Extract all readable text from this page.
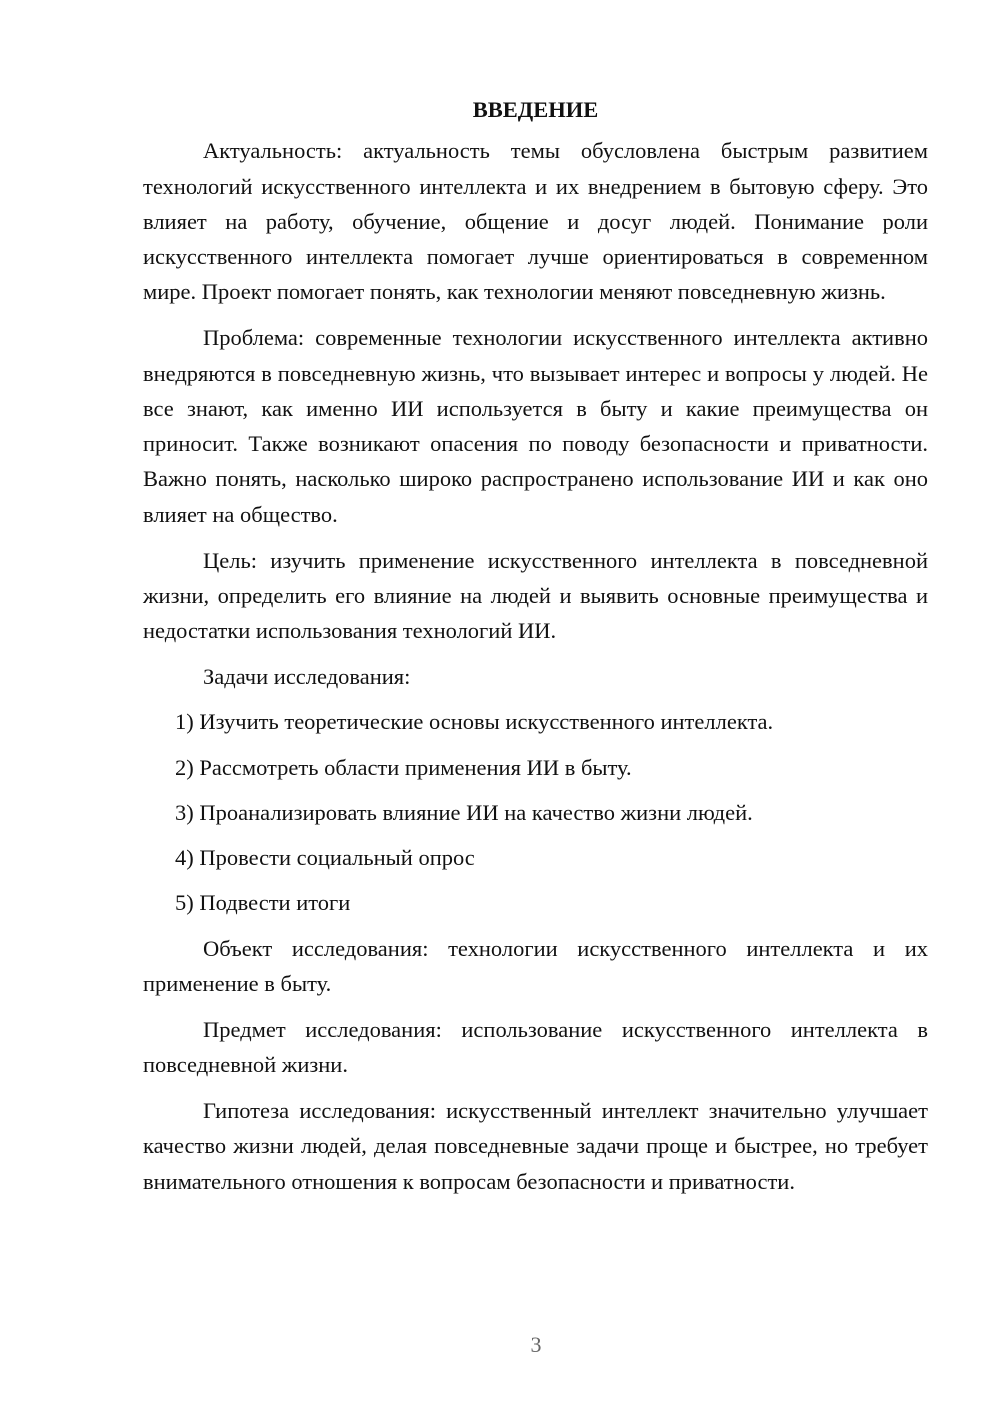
ВВЕДЕНИЕ

Актуальность: актуальность темы обусловлена быстрым развитием технологий искусственного интеллекта и их внедрением в бытовую сферу. Это влияет на работу, обучение, общение и досуг людей. Понимание роли искусственного интеллекта помогает лучше ориентироваться в современном мире. Проект помогает понять, как технологии меняют повседневную жизнь.

Проблема: современные технологии искусственного интеллекта активно внедряются в повседневную жизнь, что вызывает интерес и вопросы у людей. Не все знают, как именно ИИ используется в быту и какие преимущества он приносит. Также возникают опасения по поводу безопасности и приватности. Важно понять, насколько широко распространено использование ИИ и как оно влияет на общество.

Цель: изучить применение искусственного интеллекта в повседневной жизни, определить его влияние на людей и выявить основные преимущества и недостатки использования технологий ИИ.

Задачи исследования:
1) Изучить теоретические основы искусственного интеллекта.
2) Рассмотреть области применения ИИ в быту.
3) Проанализировать влияние ИИ на качество жизни людей.
4) Провести социальный опрос
5) Подвести итоги

Объект исследования: технологии искусственного интеллекта и их применение в быту.

Предмет исследования: использование искусственного интеллекта в повседневной жизни.

Гипотеза исследования: искусственный интеллект значительно улучшает качество жизни людей, делая повседневные задачи проще и быстрее, но требует внимательного отношения к вопросам безопасности и приватности.

3
